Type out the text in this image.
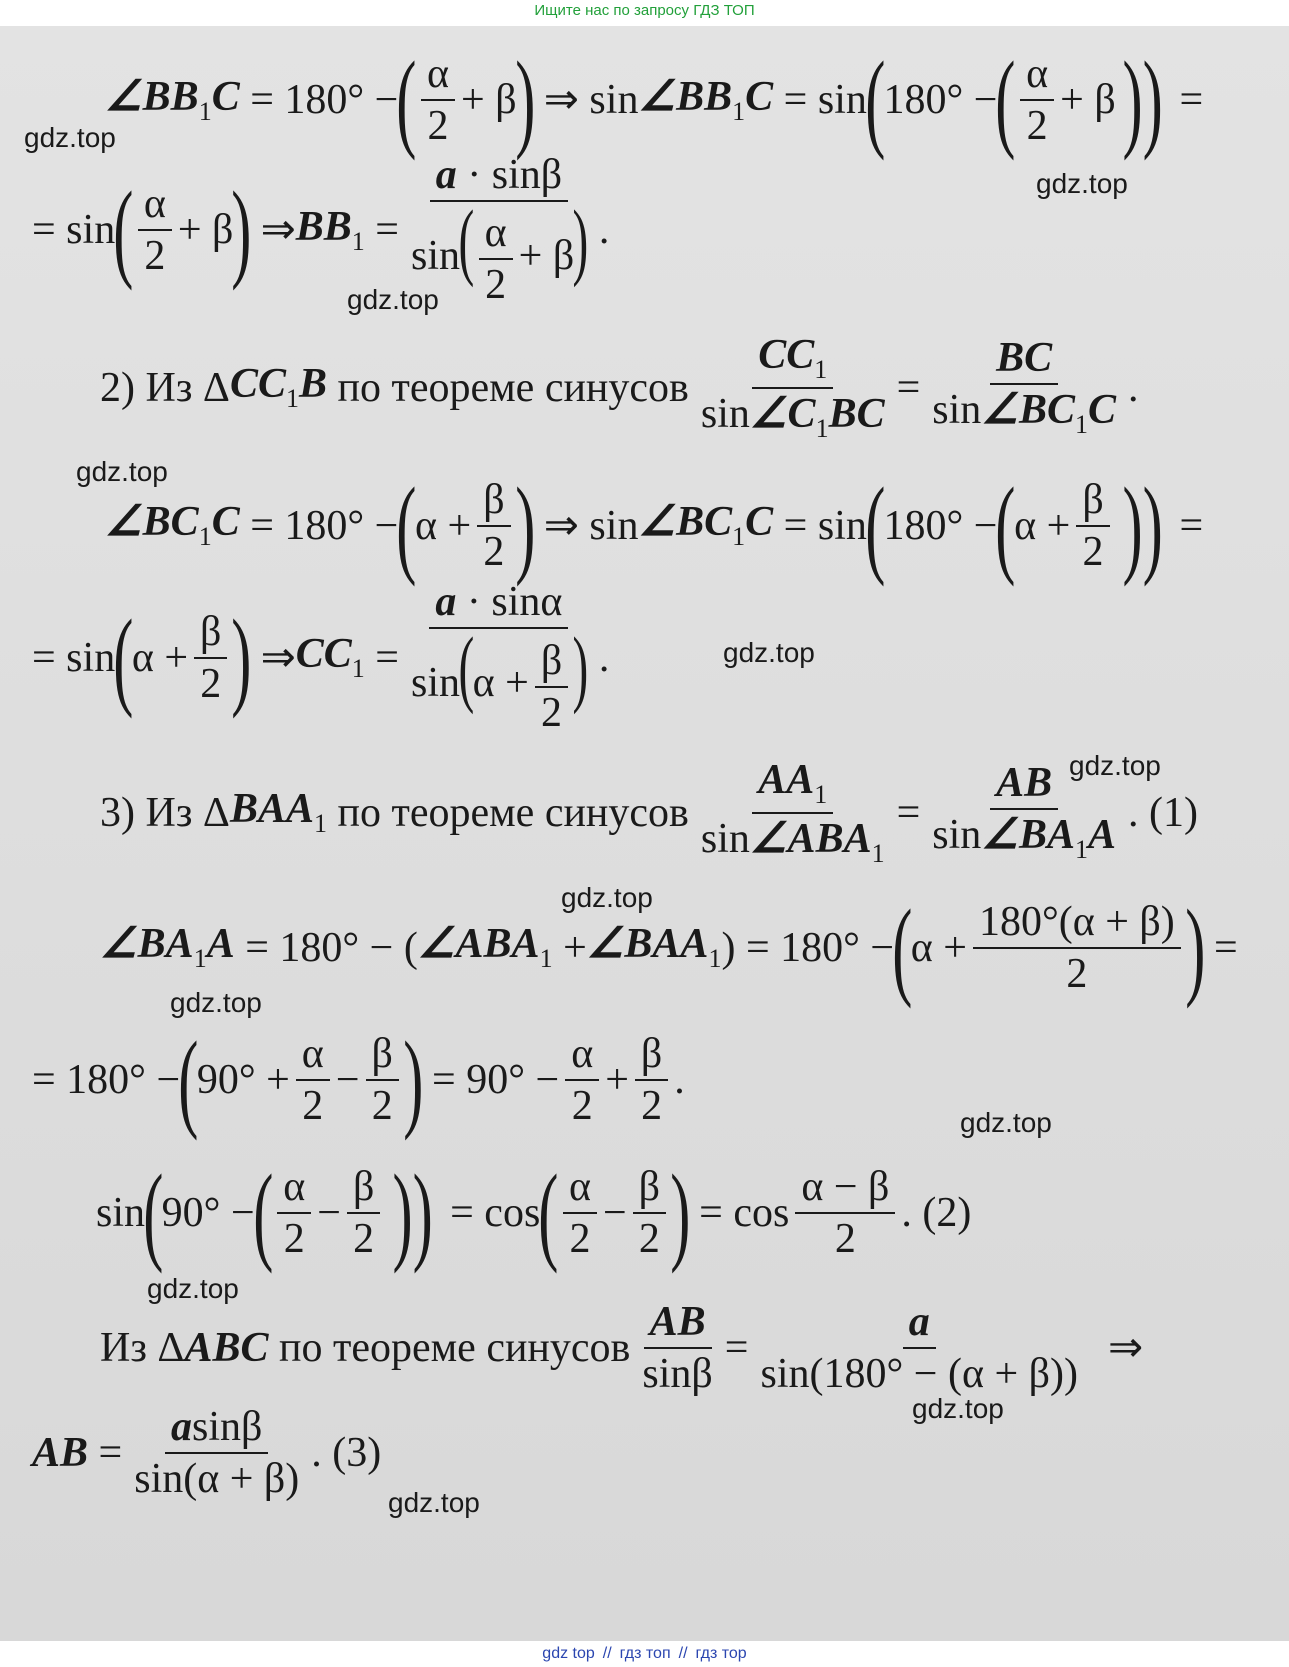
Ищите нас по запросу ГДЗ ТОП
gdz.top
gdz.top
gdz.top
gdz.top
gdz.top
gdz.top
gdz.top
gdz.top
gdz.top
gdz.top
gdz.top
gdz.top
$\angle BB_1C = 180^\circ$ −
( $\frac{\alpha}{2} + \beta$
)
⇒ $\sin \angle BB_1C = \sin$
(
180° −
( $\frac{\alpha}{2} + \beta$ )) =
= sin
( $\frac{\alpha}{2} + \beta$
)
⇒ $BB_1 = \frac{a \cdot \sin\beta}{\sin( \frac{\alpha}{2} + \beta)}$ .
2)
Из Δ $CC_1B$
по теореме синусов $\frac{CC_1}{\sin\angle C_1BC} = \frac{BC}{\sin\angle BC_1C}$ .
$\angle BC_1C = 180^\circ$ −
(
$\alpha + \frac{\beta}{2}$ )
⇒ $\sin \angle BC_1C = \sin$
(
180° −
(
$\alpha + \frac{\beta}{2}$ )) =
= sin
(
$\alpha + \frac{\beta}{2}$ )
⇒ $CC_1 = \frac{a \cdot \sin\alpha}{\sin(\alpha + \frac{\beta}{2} )}$ .
3)
Из Δ $BAA_1$
по теореме синусов $\frac{AA_1}{\sin\angle ABA_1} = \frac{AB}{\sin\angle BA_1A}$ . (1)
$\angle BA_1A = 180^\circ$ − ( $\angle ABA_1$ + $\angle BAA_1$ ) = 180° −
(
$\alpha + \frac{180^\circ(\alpha + \beta)}{2}$ )
=
= 180° −
(
$90^\circ + \frac{\alpha}{2} - \frac{\beta}{2}$ )
= $90^\circ - \frac{\alpha}{2} + \frac{\beta}{2}$ .
sin
(
90° −
( $\frac{\alpha}{2} - \frac{\beta}{2}$ )) = cos
( $\frac{\alpha}{2} - \frac{\beta}{2}$ )
= $\cos \frac{\alpha - \beta}{2}$ . (2)
Из Δ ABC
по теореме синусов $\frac{AB}{\sin\beta} = \frac{a}{\sin(180^\circ - (\alpha + \beta))}$ ⇒
AB = $\frac{asin\beta}{\sin(\alpha + \beta)}$ . (3)
gdz top // гдз топ // гдз тор
